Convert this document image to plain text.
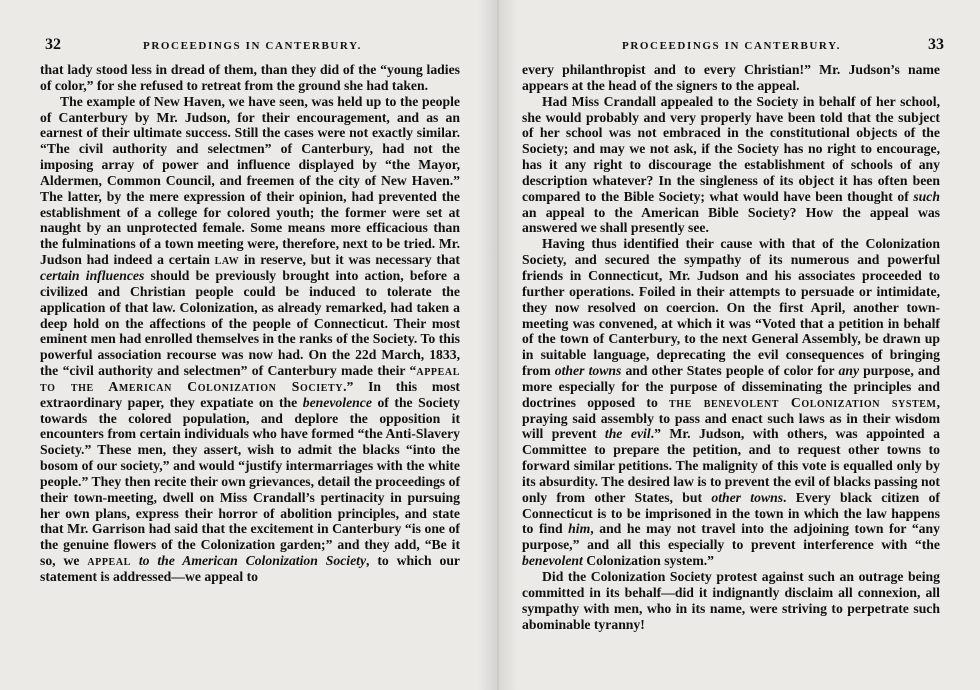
32	PROCEEDINGS IN CANTERBURY.

that lady stood less in dread of them, than they did of the “young ladies of color,” for she refused to retreat from the ground she had taken.

The example of New Haven, we have seen, was held up to the people of Canterbury by Mr. Judson, for their encouragement, and as an earnest of their ultimate success. Still the cases were not exactly similar. “The civil authority and selectmen” of Canterbury, had not the imposing array of power and influence displayed by “the Mayor, Aldermen, Common Council, and freemen of the city of New Haven.” The latter, by the mere expression of their opinion, had prevented the establishment of a college for colored youth; the former were set at naught by an unprotected female. Some means more efficacious than the fulminations of a town meeting were, therefore, next to be tried. Mr. Judson had indeed a certain law in reserve, but it was necessary that certain influences should be previously brought into action, before a civilized and Christian people could be induced to tolerate the application of that law. Colonization, as already remarked, had taken a deep hold on the affections of the people of Connecticut. Their most eminent men had enrolled themselves in the ranks of the Society. To this powerful association recourse was now had. On the 22d March, 1833, the “civil authority and selectmen” of Canterbury made their “appeal to the American Colonization Society.” In this most extraordinary paper, they expatiate on the benevolence of the Society towards the colored population, and deplore the opposition it encounters from certain individuals who have formed “the Anti-Slavery Society.” These men, they assert, wish to admit the blacks “into the bosom of our society,” and would “justify intermarriages with the white people.” They then recite their own grievances, detail the proceedings of their town-meeting, dwell on Miss Crandall’s pertinacity in pursuing her own plans, express their horror of abolition principles, and state that Mr. Garrison had said that the excitement in Canterbury “is one of the genuine flowers of the Colonization garden;” and they add, “Be it so, we appeal to the American Colonization Society, to which our statement is addressed—we appeal to

PROCEEDINGS IN CANTERBURY.	33

every philanthropist and to every Christian!” Mr. Judson’s name appears at the head of the signers to the appeal.

Had Miss Crandall appealed to the Society in behalf of her school, she would probably and very properly have been told that the subject of her school was not embraced in the constitutional objects of the Society; and may we not ask, if the Society has no right to encourage, has it any right to discourage the establishment of schools of any description whatever? In the singleness of its object it has often been compared to the Bible Society; what would have been thought of such an appeal to the American Bible Society? How the appeal was answered we shall presently see.

Having thus identified their cause with that of the Colonization Society, and secured the sympathy of its numerous and powerful friends in Connecticut, Mr. Judson and his associates proceeded to further operations. Foiled in their attempts to persuade or intimidate, they now resolved on coercion. On the first April, another town-meeting was convened, at which it was “Voted that a petition in behalf of the town of Canterbury, to the next General Assembly, be drawn up in suitable language, deprecating the evil consequences of bringing from other towns and other States people of color for any purpose, and more especially for the purpose of disseminating the principles and doctrines opposed to the benevolent Colonization system, praying said assembly to pass and enact such laws as in their wisdom will prevent the evil.” Mr. Judson, with others, was appointed a Committee to prepare the petition, and to request other towns to forward similar petitions. The malignity of this vote is equalled only by its absurdity. The desired law is to prevent the evil of blacks passing not only from other States, but other towns. Every black citizen of Connecticut is to be imprisoned in the town in which the law happens to find him, and he may not travel into the adjoining town for “any purpose,” and all this especially to prevent interference with “the benevolent Colonization system.”

Did the Colonization Society protest against such an outrage being committed in its behalf—did it indignantly disclaim all connexion, all sympathy with men, who in its name, were striving to perpetrate such abominable tyranny!
